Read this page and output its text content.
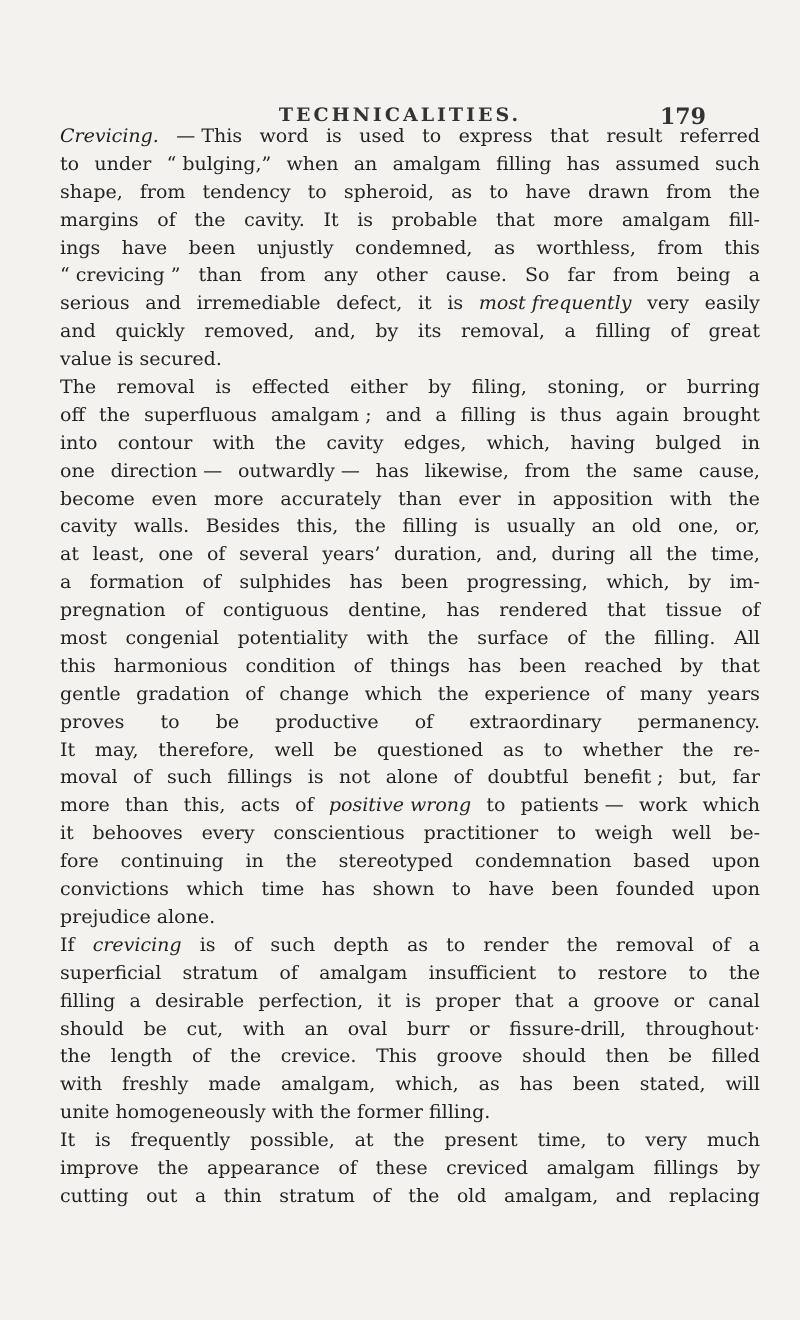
TECHNICALITIES.	179
Crevicing. — This word is used to express that result referred
to under “ bulging,” when an amalgam filling has assumed such
shape, from tendency to spheroid, as to have drawn from the
margins of the cavity. It is probable that more amalgam fill-
ings have been unjustly condemned, as worthless, from this
“ crevicing ” than from any other cause. So far from being a
serious and irremediable defect, it is most frequently very easily
and quickly removed, and, by its removal, a filling of great
value is secured.
The removal is effected either by filing, stoning, or burring
off the superfluous amalgam ; and a filling is thus again brought
into contour with the cavity edges, which, having bulged in
one direction — outwardly — has likewise, from the same cause,
become even more accurately than ever in apposition with the
cavity walls. Besides this, the filling is usually an old one, or,
at least, one of several years’ duration, and, during all the time,
a formation of sulphides has been progressing, which, by im-
pregnation of contiguous dentine, has rendered that tissue of
most congenial potentiality with the surface of the filling. All
this harmonious condition of things has been reached by that
gentle gradation of change which the experience of many years
proves to be productive of extraordinary permanency.
It may, therefore, well be questioned as to whether the re-
moval of such fillings is not alone of doubtful benefit ; but, far
more than this, acts of positive wrong to patients — work which
it behooves every conscientious practitioner to weigh well be-
fore continuing in the stereotyped condemnation based upon
convictions which time has shown to have been founded upon
prejudice alone.
If crevicing is of such depth as to render the removal of a
superficial stratum of amalgam insufficient to restore to the
filling a desirable perfection, it is proper that a groove or canal
should be cut, with an oval burr or fissure-drill, throughout·
the length of the crevice. This groove should then be filled
with freshly made amalgam, which, as has been stated, will
unite homogeneously with the former filling.
It is frequently possible, at the present time, to very much
improve the appearance of these creviced amalgam fillings by
cutting out a thin stratum of the old amalgam, and replacing
